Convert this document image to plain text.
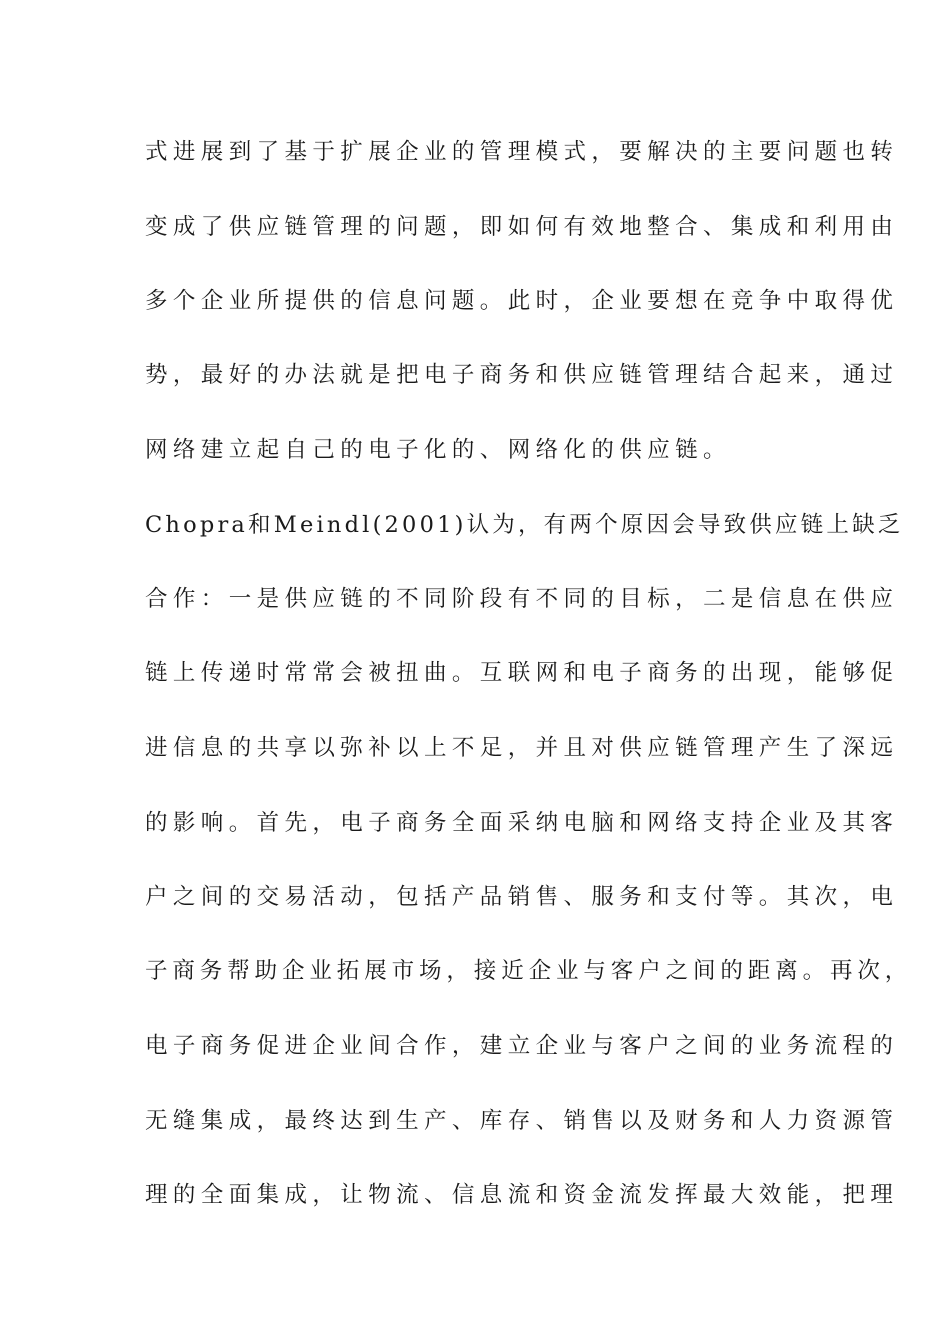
式进展到了基于扩展企业的管理模式，要解决的主要问题也转
变成了供应链管理的问题，即如何有效地整合、集成和利用由
多个企业所提供的信息问题。此时，企业要想在竞争中取得优
势，最好的办法就是把电子商务和供应链管理结合起来，通过
网络建立起自己的电子化的、网络化的供应链。
Chopra和Meindl(2001)认为，有两个原因会导致供应链上缺乏
合作：一是供应链的不同阶段有不同的目标，二是信息在供应
链上传递时常常会被扭曲。互联网和电子商务的出现，能够促
进信息的共享以弥补以上不足，并且对供应链管理产生了深远
的影响。首先，电子商务全面采纳电脑和网络支持企业及其客
户之间的交易活动，包括产品销售、服务和支付等。其次，电
子商务帮助企业拓展市场，接近企业与客户之间的距离。再次，
电子商务促进企业间合作，建立企业与客户之间的业务流程的
无缝集成，最终达到生产、库存、销售以及财务和人力资源管
理的全面集成，让物流、信息流和资金流发挥最大效能，把理
